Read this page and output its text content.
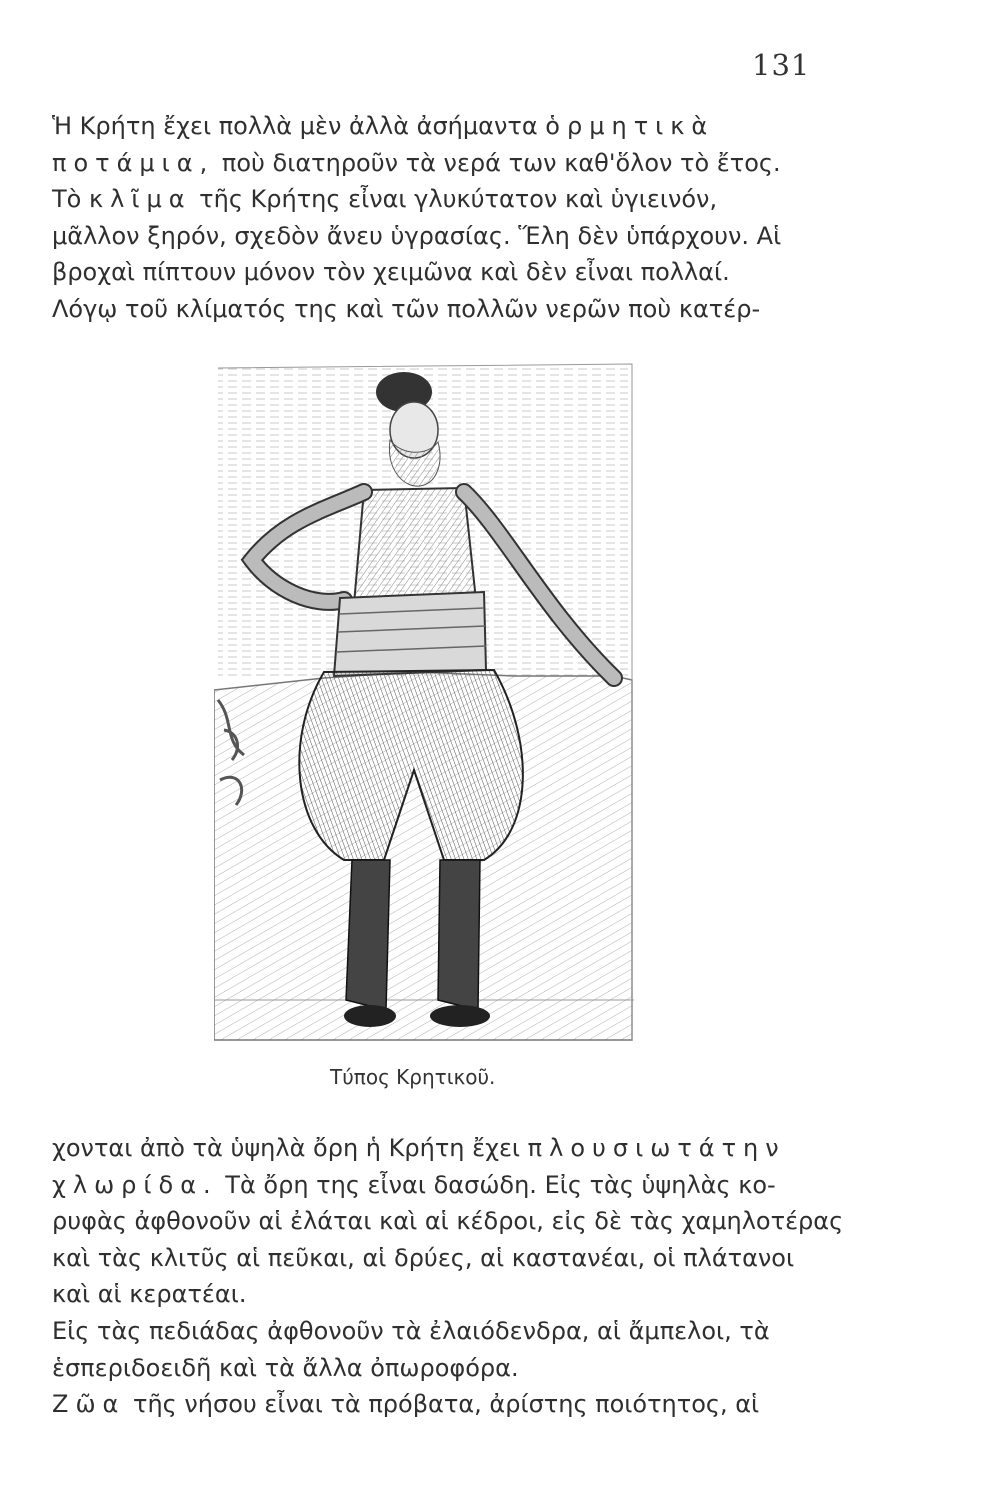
131
Ἡ Κρήτη ἔχει πολλὰ μὲν ἀλλὰ ἀσήμαντα ὁρμητικὰ
ποτάμια, ποὺ διατηροῦν τὰ νερά των καθ'ὅλον τὸ ἔτος.
Τὸ κλῖμα τῆς Κρήτης εἶναι γλυκύτατον καὶ ὑγιεινόν,
μᾶλλον ξηρόν, σχεδὸν ἄνευ ὑγρασίας. Ἕλη δὲν ὑπάρχουν. Αἱ
βροχαὶ πίπτουν μόνον τὸν χειμῶνα καὶ δὲν εἶναι πολλαί.
Λόγῳ τοῦ κλίματός της καὶ τῶν πολλῶν νερῶν ποὺ κατέρ-
Τύπος Κρητικοῦ.
χονται ἀπὸ τὰ ὑψηλὰ ὄρη ἡ Κρήτη ἔχει πλουσιωτάτην
χλωρίδα. Τὰ ὄρη της εἶναι δασώδη. Εἰς τὰς ὑψηλὰς κο-
ρυφὰς ἀφθονοῦν αἱ ἐλάται καὶ αἱ κέδροι, εἰς δὲ τὰς χαμηλοτέρας
καὶ τὰς κλιτῦς αἱ πεῦκαι, αἱ δρύες, αἱ καστανέαι, οἱ πλάτανοι
καὶ αἱ κερατέαι.
Εἰς τὰς πεδιάδας ἀφθονοῦν τὰ ἐλαιόδενδρα, αἱ ἄμπελοι, τὰ
ἑσπεριδοειδῆ καὶ τὰ ἄλλα ὀπωροφόρα.
Ζῶα τῆς νήσου εἶναι τὰ πρόβατα, ἀρίστης ποιότητος, αἱ
